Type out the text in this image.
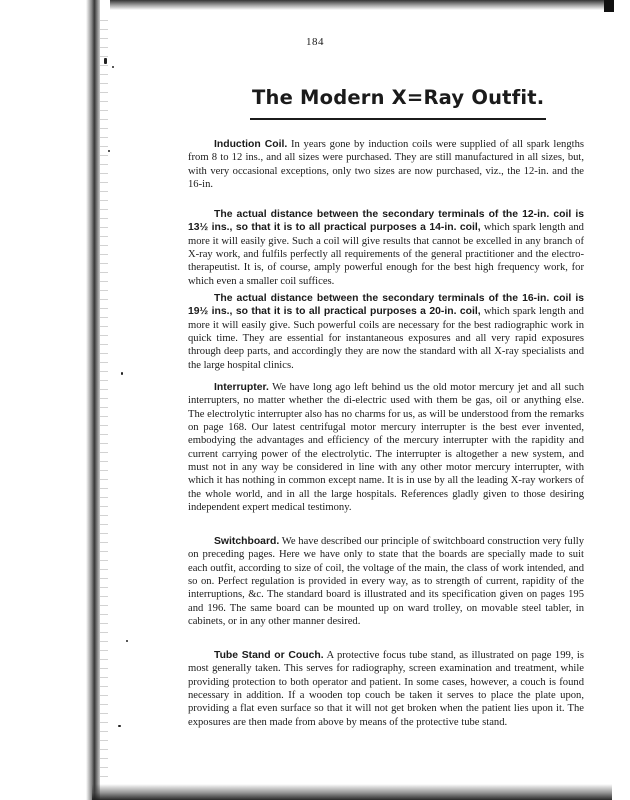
184
The Modern X=Ray Outfit.

Induction Coil. In years gone by induction coils were supplied of all spark lengths from 8 to 12 ins., and all sizes were purchased. They are still manufactured in all sizes, but, with very occasional exceptions, only two sizes are now purchased, viz., the 12-in. and the 16-in.

The actual distance between the secondary terminals of the 12-in. coil is 13½ ins., so that it is to all practical purposes a 14-in. coil, which spark length and more it will easily give. Such a coil will give results that cannot be excelled in any branch of X-ray work, and fulfils perfectly all requirements of the general practitioner and the electro-therapeutist. It is, of course, amply powerful enough for the best high frequency work, for which even a smaller coil suffices.

The actual distance between the secondary terminals of the 16-in. coil is 19½ ins., so that it is to all practical purposes a 20-in. coil, which spark length and more it will easily give. Such powerful coils are necessary for the best radiographic work in quick time. They are essential for instantaneous exposures and all very rapid exposures through deep parts, and accordingly they are now the standard with all X-ray specialists and the large hospital clinics.

Interrupter. We have long ago left behind us the old motor mercury jet and all such interrupters, no matter whether the di-electric used with them be gas, oil or anything else. The electrolytic interrupter also has no charms for us, as will be understood from the remarks on page 168. Our latest centrifugal motor mercury interrupter is the best ever invented, embodying the advantages and efficiency of the mercury interrupter with the rapidity and current carrying power of the electrolytic. The interrupter is altogether a new system, and must not in any way be considered in line with any other motor mercury interrupter, with which it has nothing in common except name. It is in use by all the leading X-ray workers of the whole world, and in all the large hospitals. References gladly given to those desiring independent expert medical testimony.

Switchboard. We have described our principle of switchboard construction very fully on preceding pages. Here we have only to state that the boards are specially made to suit each outfit, according to size of coil, the voltage of the main, the class of work intended, and so on. Perfect regulation is provided in every way, as to strength of current, rapidity of the interruptions, &c. The standard board is illustrated and its specification given on pages 195 and 196. The same board can be mounted up on ward trolley, on movable steel tabler, in cabinets, or in any other manner desired.

Tube Stand or Couch. A protective focus tube stand, as illustrated on page 199, is most generally taken. This serves for radiography, screen examination and treatment, while providing protection to both operator and patient. In some cases, however, a couch is found necessary in addition. If a wooden top couch be taken it serves to place the plate upon, providing a flat even surface so that it will not get broken when the patient lies upon it. The exposures are then made from above by means of the protective tube stand.
